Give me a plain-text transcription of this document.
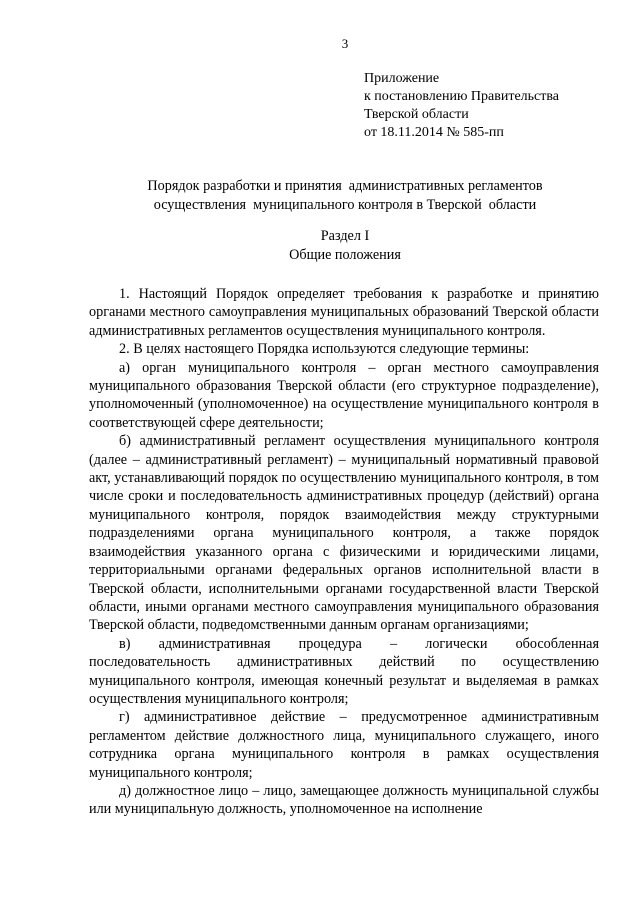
3
Приложение
к постановлению Правительства
Тверской области
от 18.11.2014 № 585-пп
Порядок разработки и принятия  административных регламентов
осуществления  муниципального контроля в Тверской  области
Раздел I
Общие положения

1. Настоящий Порядок определяет требования к разработке и принятию органами местного самоуправления муниципальных образований Тверской области административных регламентов осуществления муниципального контроля.

2. В целях настоящего Порядка используются следующие термины:

а) орган муниципального контроля – орган местного самоуправления муниципального образования Тверской области (его структурное подразделение), уполномоченный (уполномоченное) на осуществление муниципального контроля в соответствующей сфере деятельности;

б) административный регламент осуществления муниципального контроля (далее – административный регламент) – муниципальный нормативный правовой акт, устанавливающий порядок по осуществлению муниципального контроля, в том числе сроки и последовательность административных процедур (действий) органа муниципального контроля, порядок взаимодействия между структурными подразделениями органа муниципального контроля, а также порядок взаимодействия указанного органа с физическими и юридическими лицами, территориальными органами федеральных органов исполнительной власти в Тверской области, исполнительными органами государственной власти Тверской области, иными органами местного самоуправления муниципального образования Тверской области, подведомственными данным органам организациями;

в) административная процедура – логически обособленная последовательность административных действий по осуществлению муниципального контроля, имеющая конечный результат и выделяемая в рамках осуществления муниципального контроля;

г) административное действие – предусмотренное административным регламентом действие должностного лица, муниципального служащего, иного сотрудника органа муниципального контроля в рамках осуществления муниципального контроля;

д) должностное лицо – лицо, замещающее должность муниципальной службы или муниципальную должность, уполномоченное на исполнение
